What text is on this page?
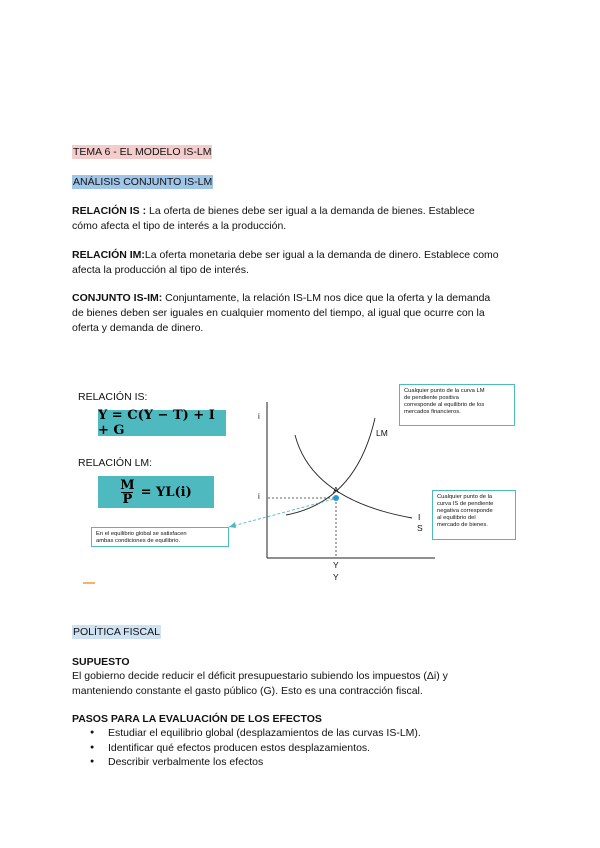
TEMA 6 - EL MODELO IS-LM
ANÁLISIS CONJUNTO IS-LM
RELACIÓN IS : La oferta de bienes debe ser igual a la demanda de bienes. Establece
cómo afecta el tipo de interés a la producción.
RELACIÓN IM:La oferta monetaria debe ser igual a la demanda de dinero. Establece como
afecta la producción al tipo de interés.
CONJUNTO IS-IM: Conjuntamente, la relación IS-LM nos dice que la oferta y la demanda
de bienes deben ser iguales en cualquier momento del tiempo, al igual que ocurre con la
oferta y demanda de dinero.
RELACIÓN IS:
Y = C(Y − T) + I + G
RELACIÓN LM:
M
P = YL(i)
En el equilibrio global se satisfacen
ambas condiciones de equilibrio.
Cualquier punto de la curva LM
de pendiente positiva
corresponde al equilibrio de los
mercados financieros.
Cualquier punto de la
curva IS de pendiente
negativa corresponde
al equilibrio del
mercado de bienes.
i
i
LM
I
S
A
Y
Y
POLÍTICA FISCAL
SUPUESTO
El gobierno decide reducir el déficit presupuestario subiendo los impuestos (Δi) y
manteniendo constante el gasto público (G). Esto es una contracción fiscal.
PASOS PARA LA EVALUACIÓN DE LOS EFECTOS
● Estudiar el equilibrio global (desplazamientos de las curvas IS-LM).
● Identificar qué efectos producen estos desplazamientos.
● Describir verbalmente los efectos
